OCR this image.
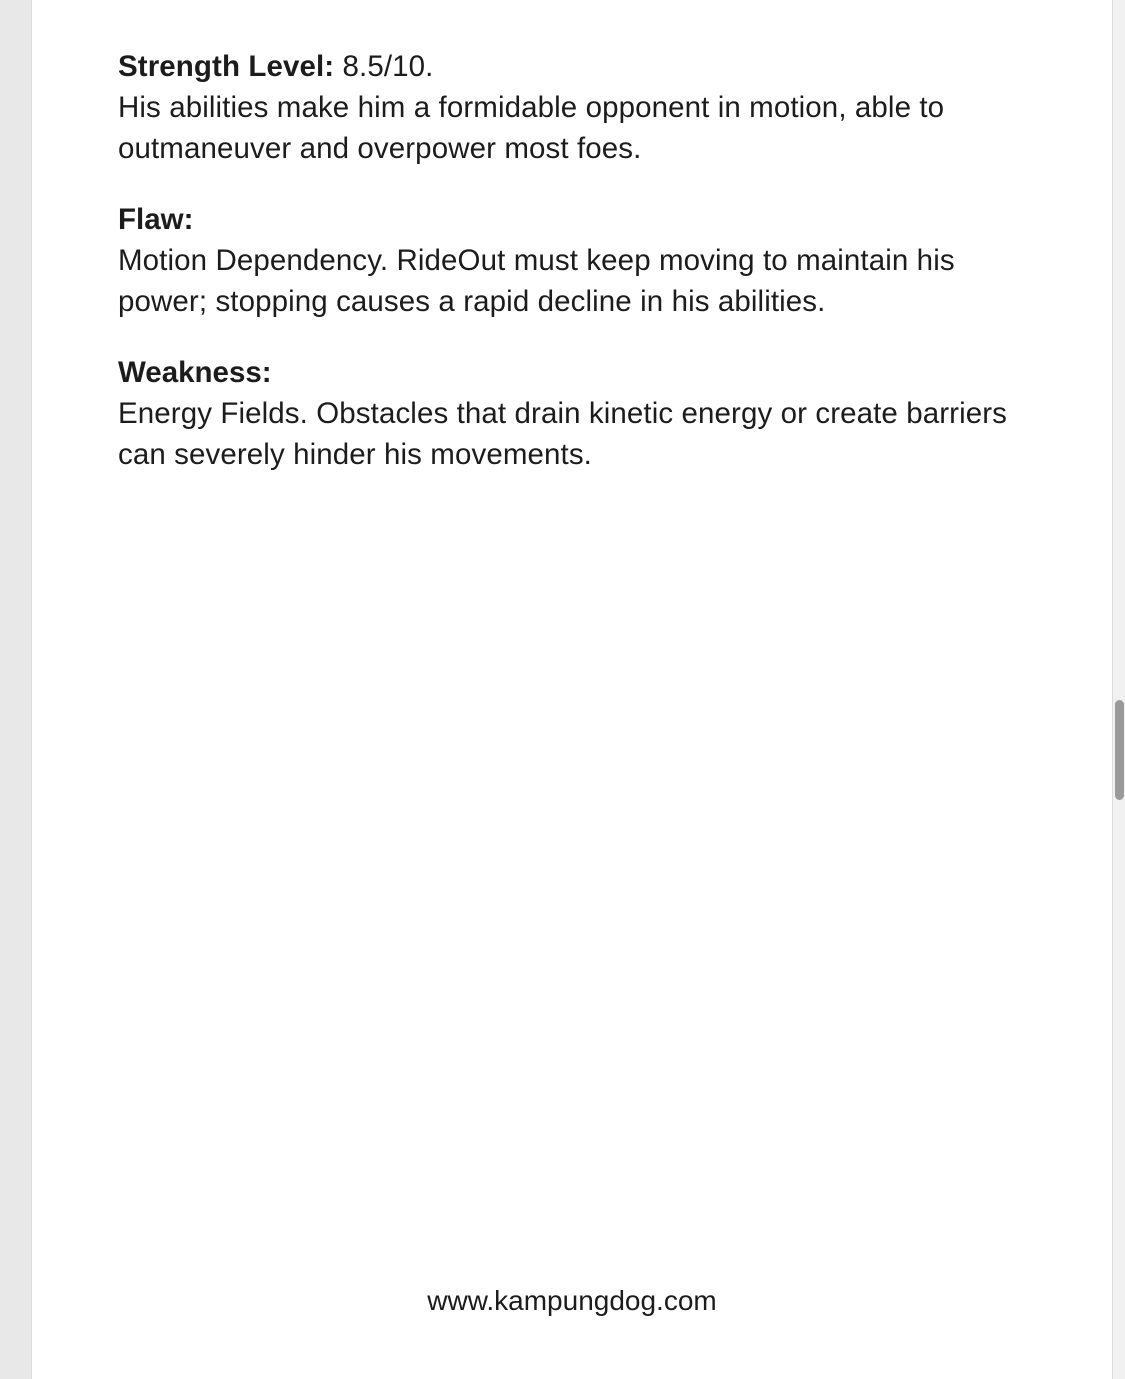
Strength Level: 8.5/10.
His abilities make him a formidable opponent in motion, able to outmaneuver and overpower most foes.
Flaw:
Motion Dependency. RideOut must keep moving to maintain his power; stopping causes a rapid decline in his abilities.
Weakness:
Energy Fields. Obstacles that drain kinetic energy or create barriers can severely hinder his movements.
www.kampungdog.com
